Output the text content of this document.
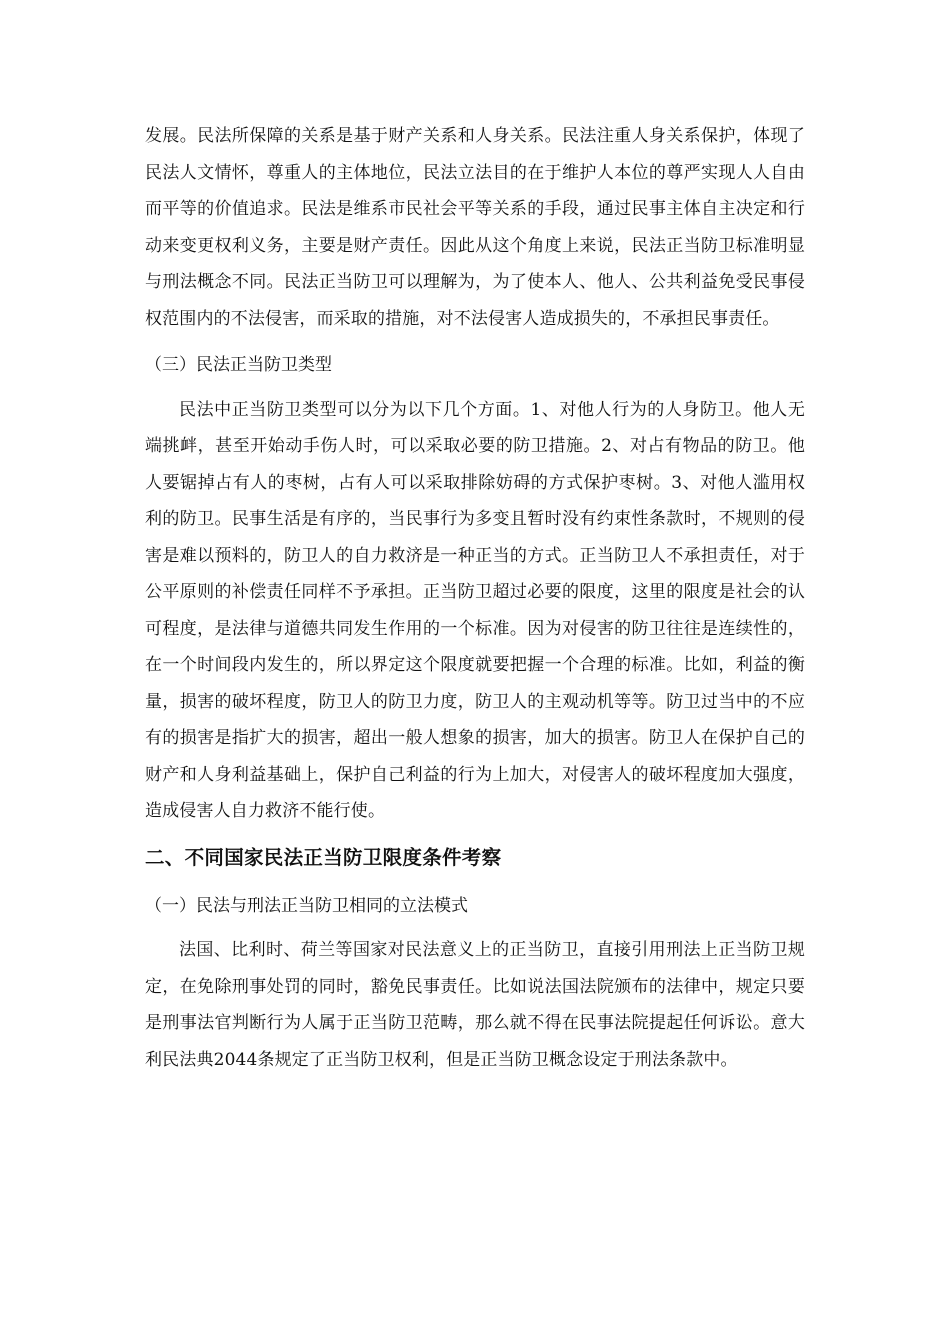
发展。民法所保障的关系是基于财产关系和人身关系。民法注重人身关系保护，体现了民法人文情怀，尊重人的主体地位，民法立法目的在于维护人本位的尊严实现人人自由而平等的价值追求。民法是维系市民社会平等关系的手段，通过民事主体自主决定和行动来变更权利义务，主要是财产责任。因此从这个角度上来说，民法正当防卫标准明显与刑法概念不同。民法正当防卫可以理解为，为了使本人、他人、公共利益免受民事侵权范围内的不法侵害，而采取的措施，对不法侵害人造成损失的，不承担民事责任。

（三）民法正当防卫类型

民法中正当防卫类型可以分为以下几个方面。1、对他人行为的人身防卫。他人无端挑衅，甚至开始动手伤人时，可以采取必要的防卫措施。2、对占有物品的防卫。他人要锯掉占有人的枣树，占有人可以采取排除妨碍的方式保护枣树。3、对他人滥用权利的防卫。民事生活是有序的，当民事行为多变且暂时没有约束性条款时，不规则的侵害是难以预料的，防卫人的自力救济是一种正当的方式。正当防卫人不承担责任，对于公平原则的补偿责任同样不予承担。正当防卫超过必要的限度，这里的限度是社会的认可程度，是法律与道德共同发生作用的一个标准。因为对侵害的防卫往往是连续性的，在一个时间段内发生的，所以界定这个限度就要把握一个合理的标准。比如，利益的衡量，损害的破坏程度，防卫人的防卫力度，防卫人的主观动机等等。防卫过当中的不应有的损害是指扩大的损害，超出一般人想象的损害，加大的损害。防卫人在保护自己的财产和人身利益基础上，保护自己利益的行为上加大，对侵害人的破坏程度加大强度，造成侵害人自力救济不能行使。

二、不同国家民法正当防卫限度条件考察

（一）民法与刑法正当防卫相同的立法模式

法国、比利时、荷兰等国家对民法意义上的正当防卫，直接引用刑法上正当防卫规定，在免除刑事处罚的同时，豁免民事责任。比如说法国法院颁布的法律中，规定只要是刑事法官判断行为人属于正当防卫范畴，那么就不得在民事法院提起任何诉讼。意大利民法典2044条规定了正当防卫权利，但是正当防卫概念设定于刑法条款中。
